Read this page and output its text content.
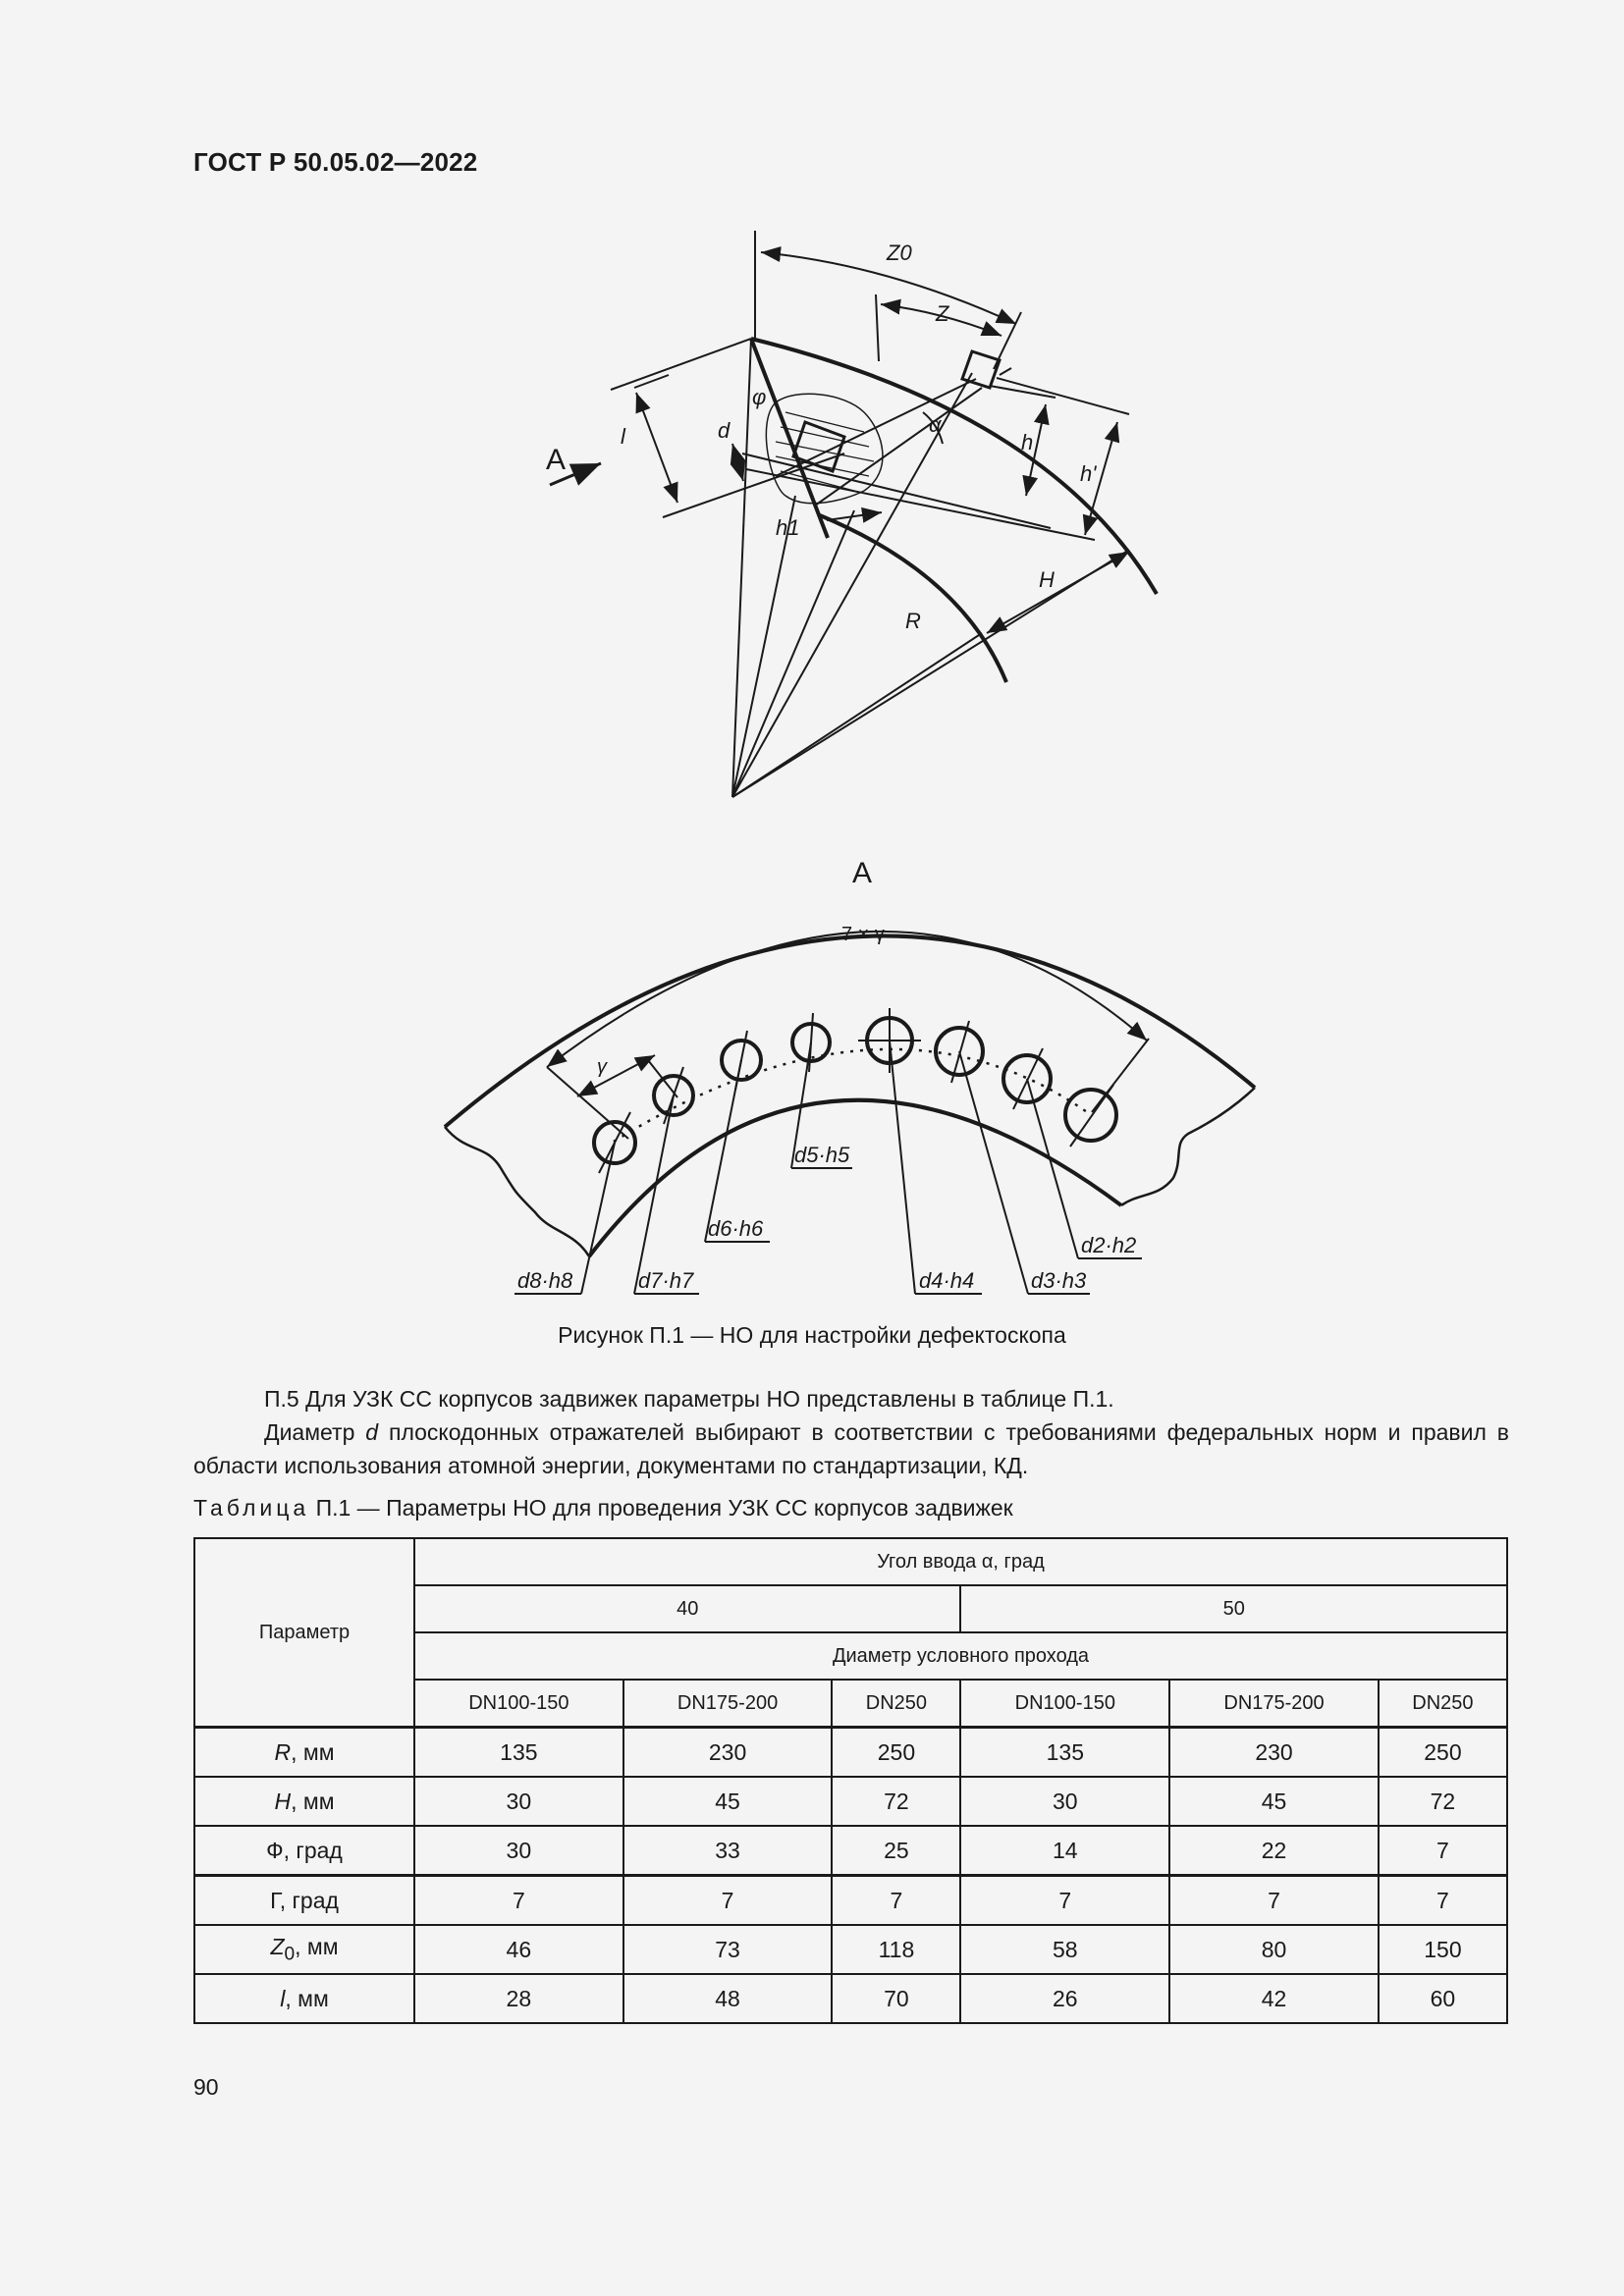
ГОСТ Р 50.05.02—2022
Z0
Z
φ
α
d
l
A
h
h'
h1
R
H
A
7 × γ
γ
d8·h8	d7·h7
d6·h6
d5·h5
d4·h4	d3·h3
d2·h2
Рисунок П.1 — НО для настройки дефектоскопа
П.5 Для УЗК СС корпусов задвижек параметры НО представлены в таблице П.1.
Диаметр d плоскодонных отражателей выбирают в соответствии с требованиями федеральных норм и правил в области использования атомной энергии, документами по стандартизации, КД.
Таблица П.1 — Параметры НО для проведения УЗК СС корпусов задвижек
Параметр	Угол ввода α, град					
	40			50		
	Диаметр условного прохода					
	DN100-150	DN175-200	DN250	DN100-150	DN175-200	DN250
R, мм	135	230	250	135	230	250
H, мм	30	45	72	30	45	72
Ф, град	30	33	25	14	22	7
Г, град	7	7	7	7	7	7
$Z_0$, мм	46	73	118	58	80	150
l, мм	28	48	70	26	42	60
90
